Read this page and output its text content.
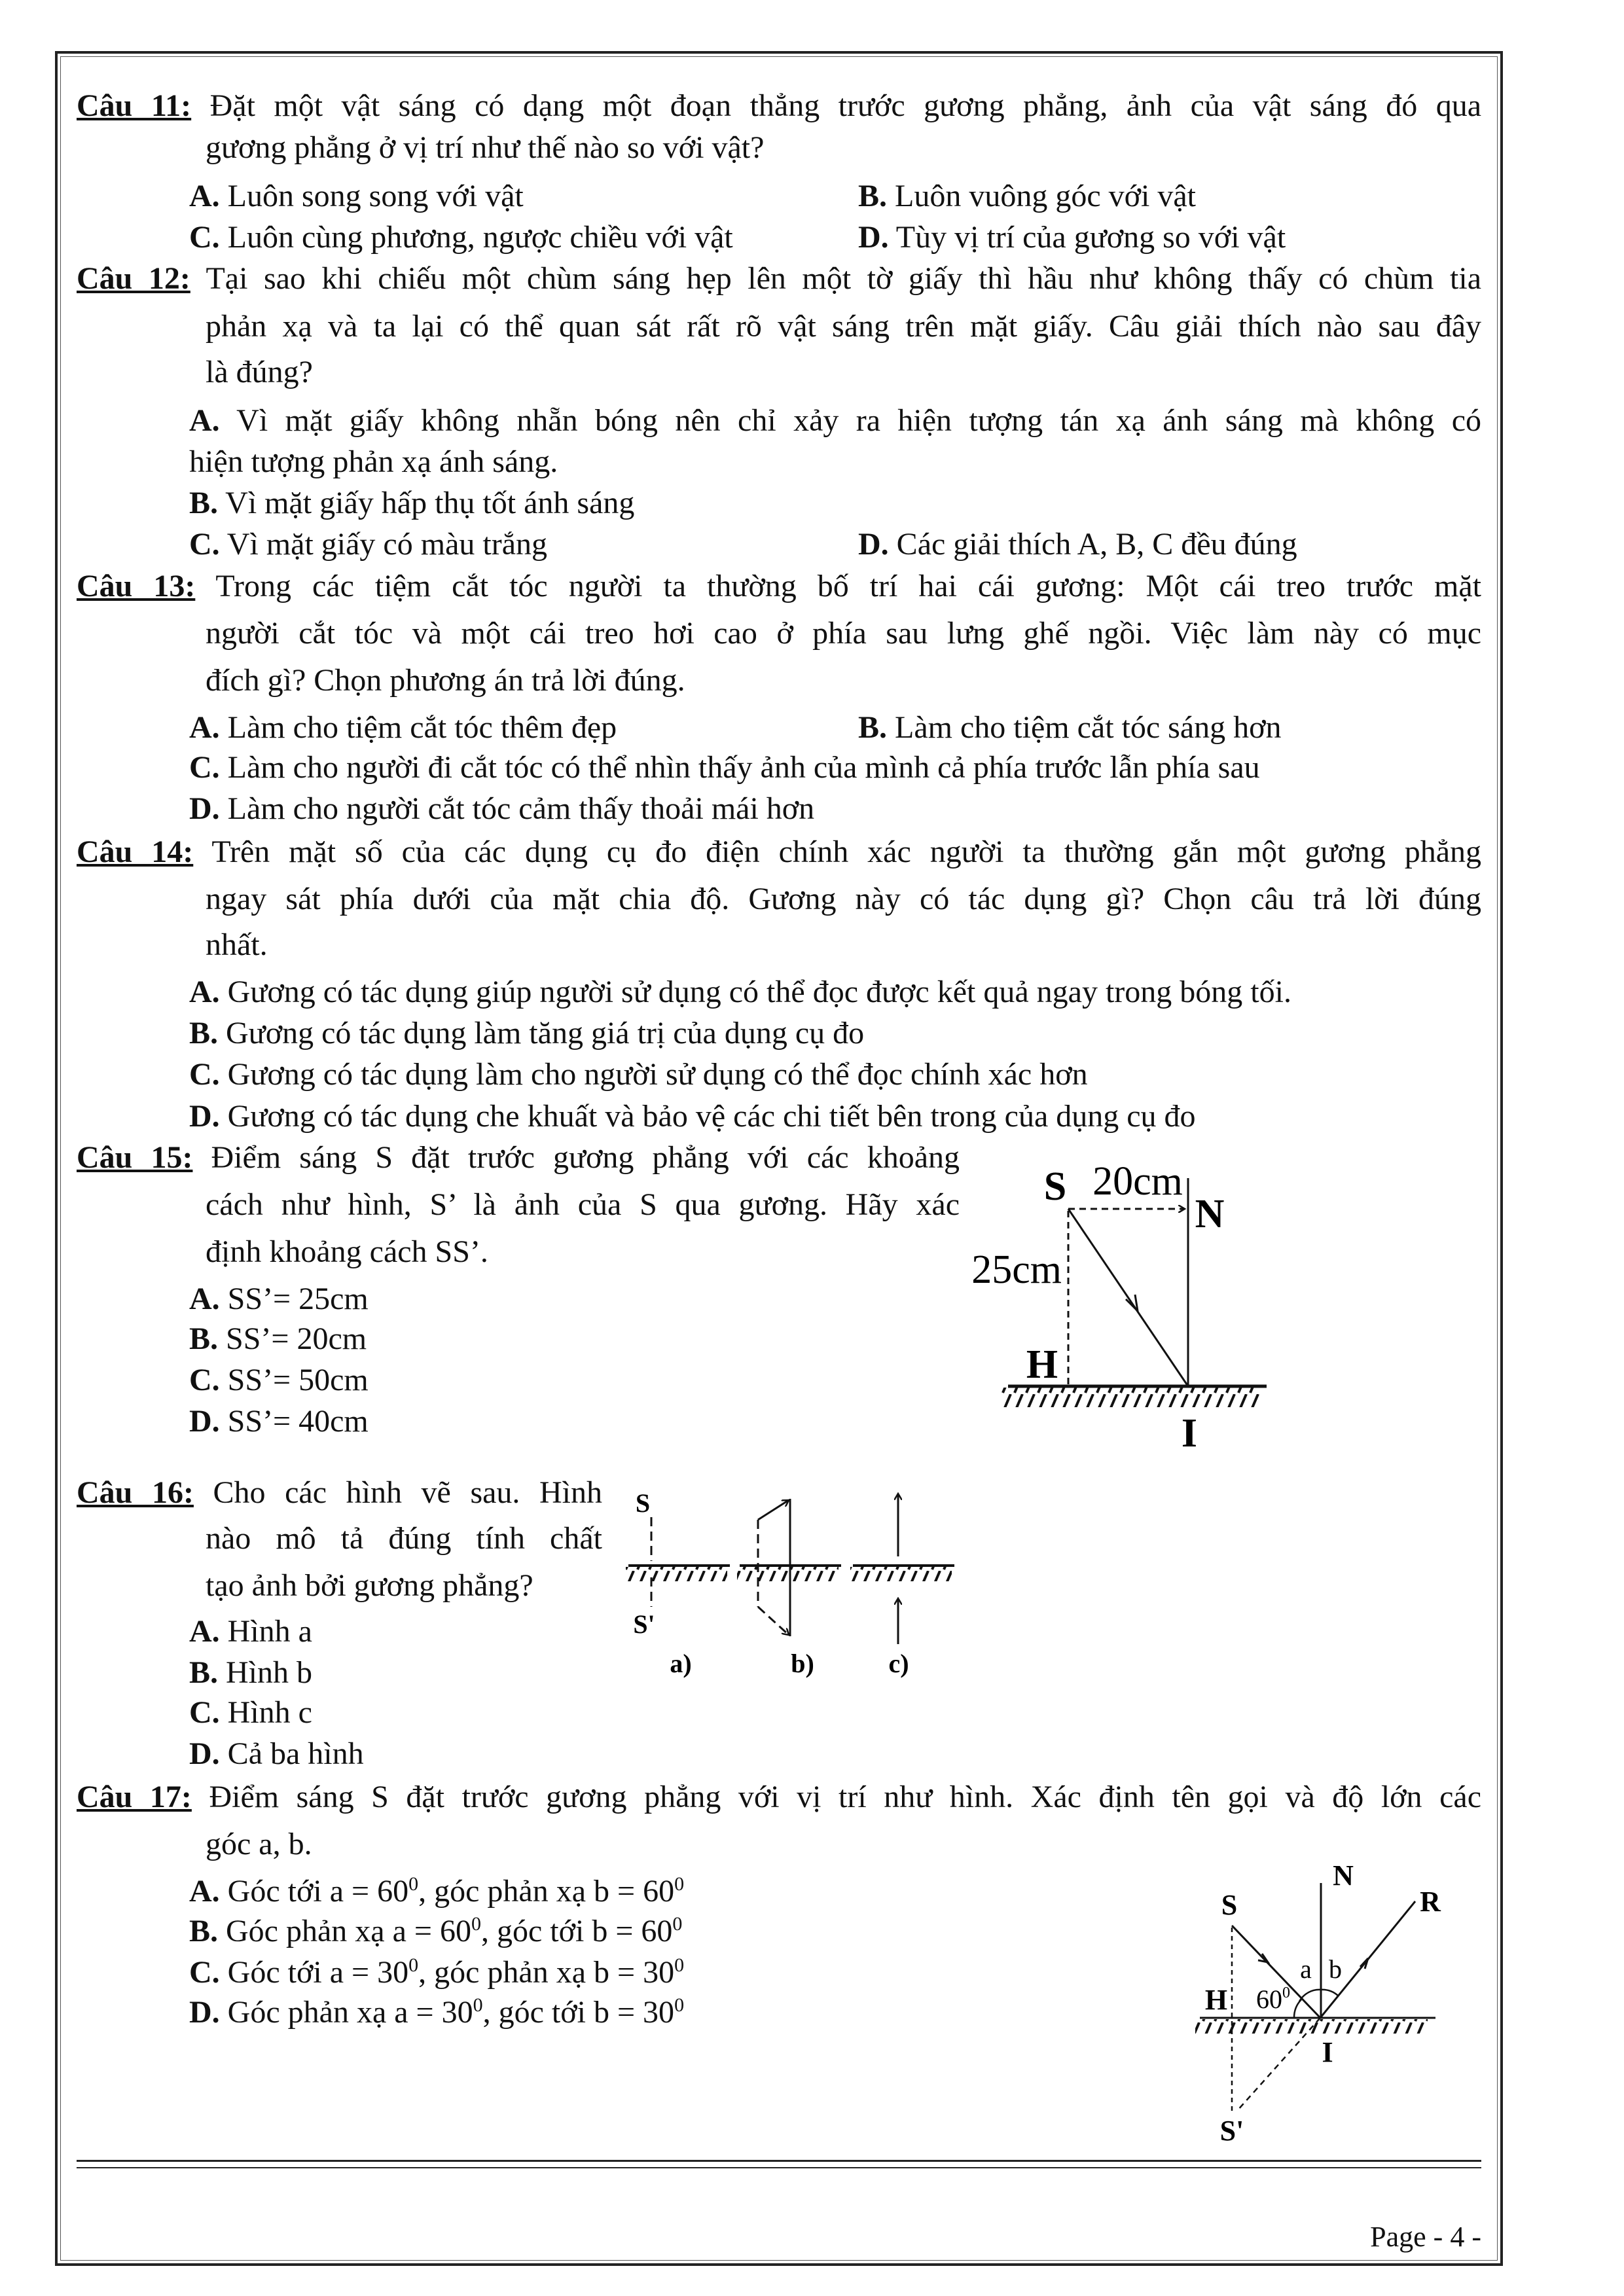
Câu 11: Đặt một vật sáng có dạng một đoạn thẳng trước gương phẳng, ảnh của vật sáng đó qua
gương phẳng ở vị trí như thế nào so với vật?
A. Luôn song song với vật	B. Luôn vuông góc với vật
C. Luôn cùng phương, ngược chiều với vật	D. Tùy vị trí của gương so với vật
Câu 12: Tại sao khi chiếu một chùm sáng hẹp lên một tờ giấy thì hầu như không thấy có chùm tia
phản xạ và ta lại có thể quan sát rất rõ vật sáng trên mặt giấy. Câu giải thích nào sau đây
là đúng?
A. Vì mặt giấy không nhẵn bóng nên chỉ xảy ra hiện tượng tán xạ ánh sáng mà không có
hiện tượng phản xạ ánh sáng.
B. Vì mặt giấy hấp thụ tốt ánh sáng
C. Vì mặt giấy có màu trắng	D. Các giải thích A, B, C đều đúng
Câu 13: Trong các tiệm cắt tóc người ta thường bố trí hai cái gương: Một cái treo trước mặt
người cắt tóc và một cái treo hơi cao ở phía sau lưng ghế ngồi. Việc làm này có mục
đích gì? Chọn phương án trả lời đúng.
A. Làm cho tiệm cắt tóc thêm đẹp	B. Làm cho tiệm cắt tóc sáng hơn
C. Làm cho người đi cắt tóc có thể nhìn thấy ảnh của mình cả phía trước lẫn phía sau
D. Làm cho người cắt tóc cảm thấy thoải mái hơn
Câu 14: Trên mặt số của các dụng cụ đo điện chính xác người ta thường gắn một gương phẳng
ngay sát phía dưới của mặt chia độ. Gương này có tác dụng gì? Chọn câu trả lời đúng
nhất.
A. Gương có tác dụng giúp người sử dụng có thể đọc được kết quả ngay trong bóng tối.
B. Gương có tác dụng làm tăng giá trị của dụng cụ đo
C. Gương có tác dụng làm cho người sử dụng có thể đọc chính xác hơn
D. Gương có tác dụng che khuất và bảo vệ các chi tiết bên trong của dụng cụ đo
Câu 15: Điểm sáng S đặt trước gương phẳng với các khoảng
cách như hình, S’ là ảnh của S qua gương. Hãy xác
định khoảng cách SS’.
A. SS’= 25cm
B. SS’= 20cm
C. SS’= 50cm
D. SS’= 40cm
Câu 16: Cho các hình vẽ sau. Hình
nào mô tả đúng tính chất
tạo ảnh bởi gương phẳng?
A. Hình a
B. Hình b
C. Hình c
D. Cả ba hình
Câu 17: Điểm sáng S đặt trước gương phẳng với vị trí như hình. Xác định tên gọi và độ lớn các
góc a, b.
A. Góc tới $a = 60^0$, góc phản xạ $b = 60^0$
B. Góc phản xạ $a = 60^0$, góc tới $b = 60^0$
C. Góc tới $a = 30^0$, góc phản xạ $b = 30^0$
D. Góc phản xạ $a = 30^0$, góc tới $b = 30^0$
S 20cm
N
25cm
H
I
S
S'
a)	b)	c)
S
N
R
H $60^0$
a b
I
S'
Page - 4 -
